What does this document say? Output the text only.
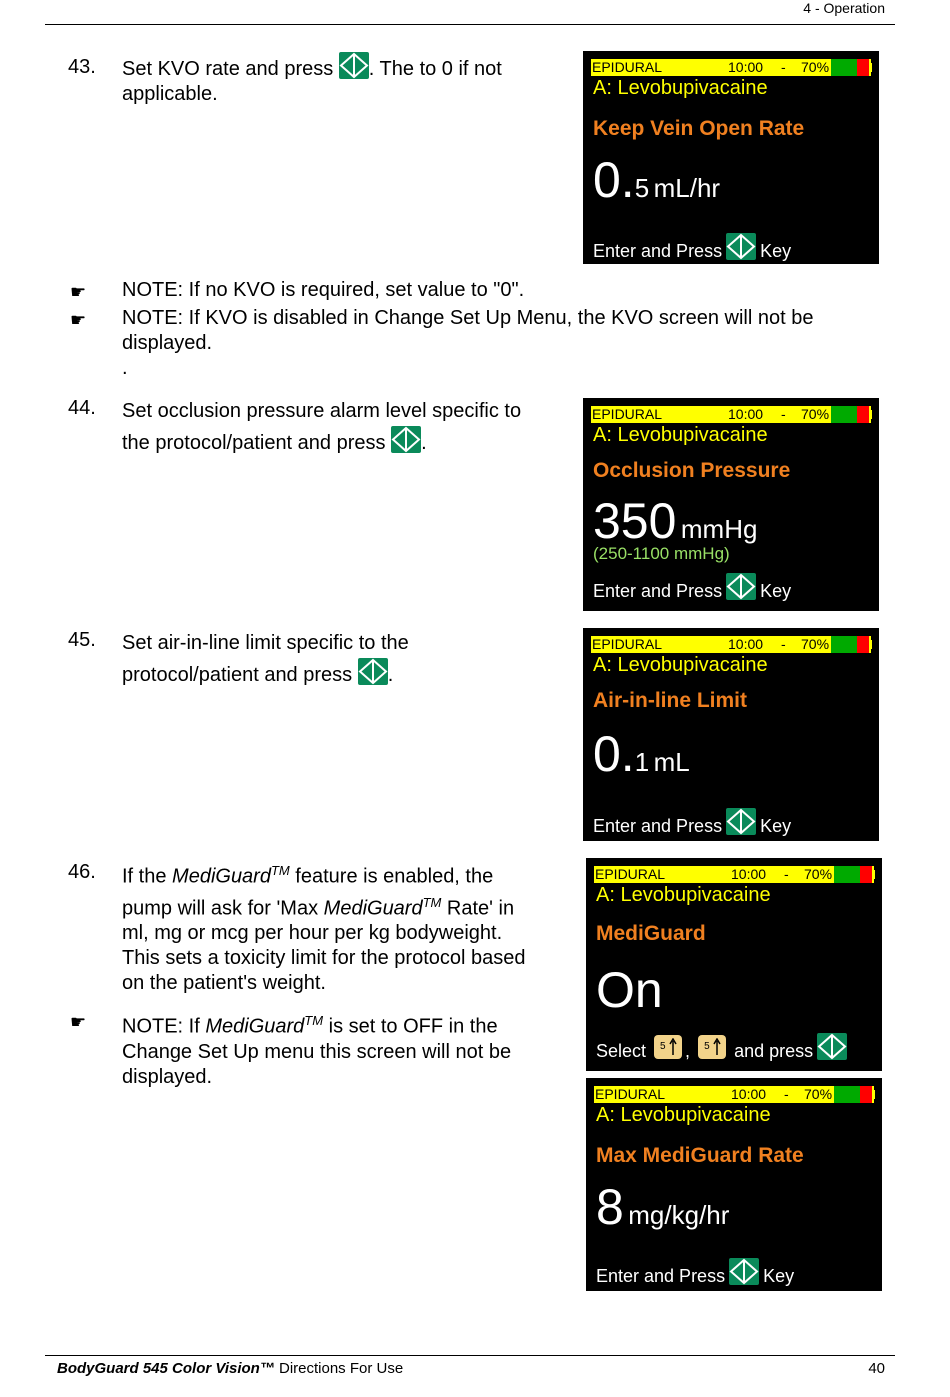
4 - Operation
BodyGuard 545 Color Vision™ Directions For Use	40
43. Set KVO rate and press . The to 0 if not
applicable.
EPIDURAL	10:00 - 70%
A: Levobupivacaine
Keep Vein Open Rate
0.5 mL/hr
Enter and Press Key
☛ NOTE: If no KVO is required, set value to "0".
☛ NOTE: If KVO is disabled in Change Set Up Menu, the KVO screen will not be
displayed.
.
44. Set occlusion pressure alarm level specific to
the protocol/patient and press .
EPIDURAL	10:00 - 70%
A: Levobupivacaine
Occlusion Pressure
350 mmHg
(250-1100 mmHg)
Enter and Press Key
45. Set air-in-line limit specific to the
protocol/patient and press .
EPIDURAL	10:00 - 70%
A: Levobupivacaine
Air-in-line Limit
0.1 mL
Enter and Press Key
46. If the MediGuard™ feature is enabled, the
pump will ask for 'Max MediGuard™ Rate' in
ml, mg or mcg per hour per kg bodyweight.
This sets a toxicity limit for the protocol based
on the patient's weight.
☛ NOTE: If MediGuard™ is set to OFF in the
Change Set Up menu this screen will not be
displayed.
EPIDURAL	10:00 - 70%
A: Levobupivacaine
MediGuard
On
Select 5 , 5 and press
EPIDURAL	10:00 - 70%
A: Levobupivacaine
Max MediGuard Rate
8 mg/kg/hr
Enter and Press Key
